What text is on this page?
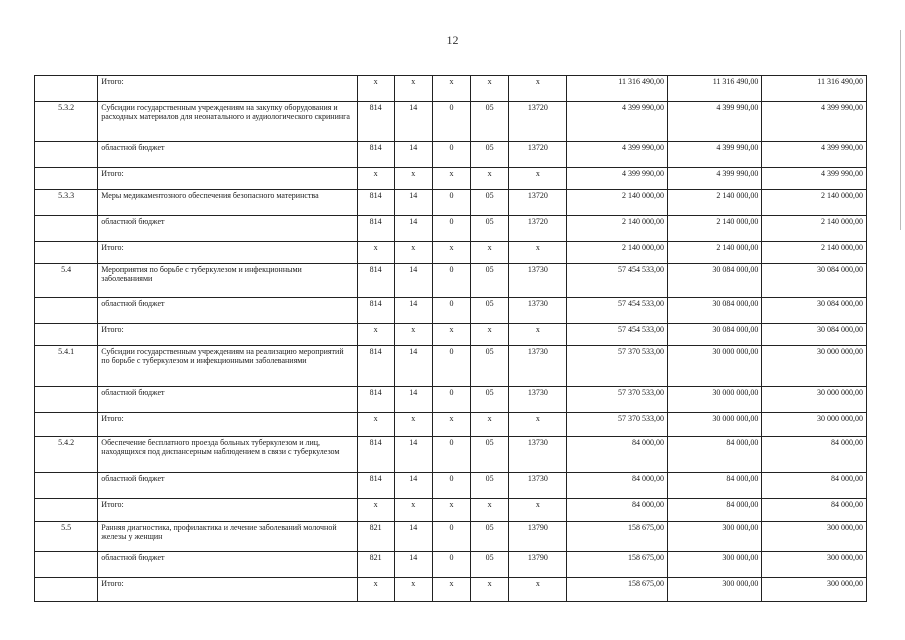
12
	Итого:	x	x	x	x	x	11 316 490,00	11 316 490,00	11 316 490,00
5.3.2	Субсидии государственным учреждениям на закупку оборудования и расходных материалов для неонатального и аудиологического скрининга	814	14	0	05	13720	4 399 990,00	4 399 990,00	4 399 990,00
	областной бюджет	814	14	0	05	13720	4 399 990,00	4 399 990,00	4 399 990,00
	Итого:	x	x	x	x	x	4 399 990,00	4 399 990,00	4 399 990,00
5.3.3	Меры медикаментозного обеспечения безопасного материнства	814	14	0	05	13720	2 140 000,00	2 140 000,00	2 140 000,00
	областной бюджет	814	14	0	05	13720	2 140 000,00	2 140 000,00	2 140 000,00
	Итого:	x	x	x	x	x	2 140 000,00	2 140 000,00	2 140 000,00
5.4	Мероприятия по борьбе с туберкулезом и инфекционными заболеваниями	814	14	0	05	13730	57 454 533,00	30 084 000,00	30 084 000,00
	областной бюджет	814	14	0	05	13730	57 454 533,00	30 084 000,00	30 084 000,00
	Итого:	x	x	x	x	x	57 454 533,00	30 084 000,00	30 084 000,00
5.4.1	Субсидии государственным учреждениям на реализацию мероприятий по борьбе с туберкулезом и инфекционными заболеваниями	814	14	0	05	13730	57 370 533,00	30 000 000,00	30 000 000,00
	областной бюджет	814	14	0	05	13730	57 370 533,00	30 000 000,00	30 000 000,00
	Итого:	x	x	x	x	x	57 370 533,00	30 000 000,00	30 000 000,00
5.4.2	Обеспечение бесплатного проезда больных туберкулезом и лиц, находящихся под диспансерным наблюдением в связи с туберкулезом	814	14	0	05	13730	84 000,00	84 000,00	84 000,00
	областной бюджет	814	14	0	05	13730	84 000,00	84 000,00	84 000,00
	Итого:	x	x	x	x	x	84 000,00	84 000,00	84 000,00
5.5	Ранняя диагностика, профилактика и лечение заболеваний молочной железы у женщин	821	14	0	05	13790	158 675,00	300 000,00	300 000,00
	областной бюджет	821	14	0	05	13790	158 675,00	300 000,00	300 000,00
	Итого:	x	x	x	x	x	158 675,00	300 000,00	300 000,00
